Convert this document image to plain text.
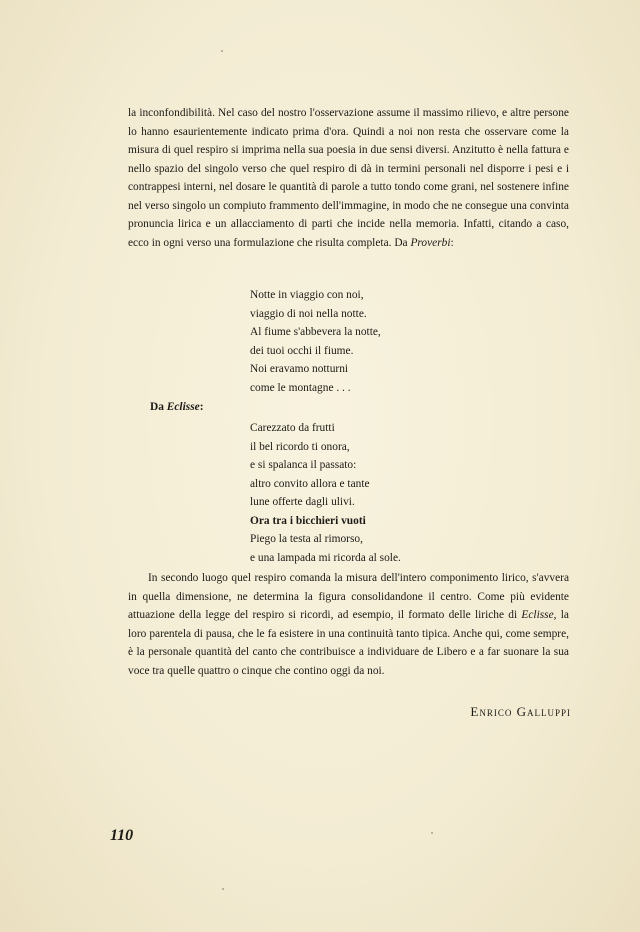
la inconfondibilità. Nel caso del nostro l'osservazione assume il massimo rilievo, e altre persone lo hanno esaurientemente indicato prima d'ora. Quindi a noi non resta che osservare come la misura di quel respiro si imprima nella sua poesia in due sensi diversi. Anzitutto è nella fattura e nello spazio del singolo verso che quel respiro di dà in termini personali nel disporre i pesi e i contrappesi interni, nel dosare le quantità di parole a tutto tondo come grani, nel sostenere infine nel verso singolo un compiuto frammento dell'immagine, in modo che ne consegue una convinta pronuncia lirica e un allacciamento di parti che incide nella memoria. Infatti, citando a caso, ecco in ogni verso una formulazione che risulta completa. Da Proverbi:

Notte in viaggio con noi,
viaggio di noi nella notte.
Al fiume s'abbevera la notte,
dei tuoi occhi il fiume.
Noi eravamo notturni
come le montagne . . .
Da Eclisse:
Carezzato da frutti
il bel ricordo ti onora,
e si spalanca il passato:
altro convito allora e tante
lune offerte dagli ulivi.
Ora tra i bicchieri vuoti
Piego la testa al rimorso,
e una lampada mi ricorda al sole.

In secondo luogo quel respiro comanda la misura dell'intero componimento lirico, s'avvera in quella dimensione, ne determina la figura consolidandone il centro. Come più evidente attuazione della legge del respiro si ricordi, ad esempio, il formato delle liriche di Eclisse, la loro parentela di pausa, che le fa esistere in una continuità tanto tipica. Anche qui, come sempre, è la personale quantità del canto che contribuisce a individuare de Libero e a far suonare la sua voce tra quelle quattro o cinque che contino oggi da noi.

Enrico Galluppi
110
